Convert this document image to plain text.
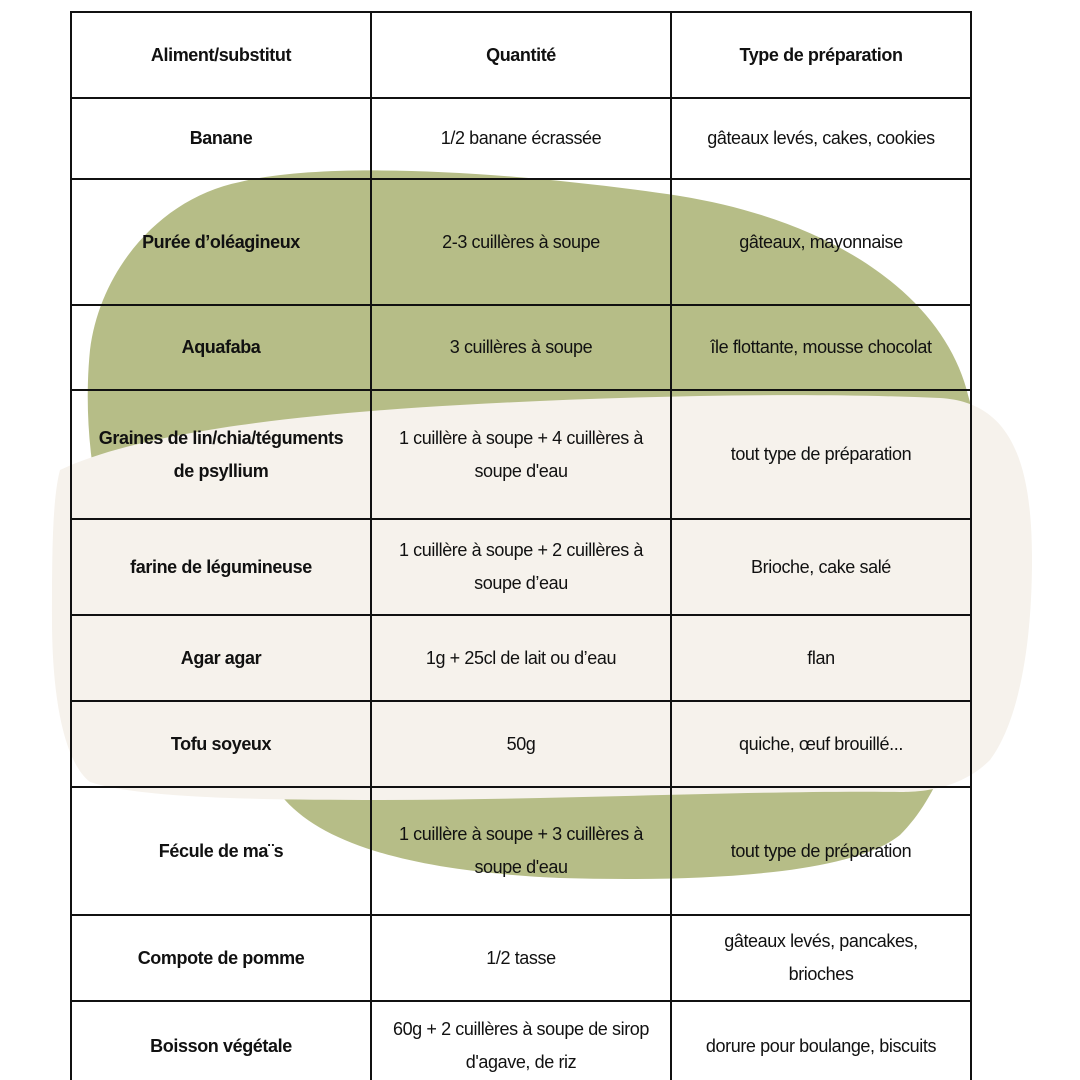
Aliment/substitut	Quantité	Type de préparation
Banane	1/2 banane écrassée	gâteaux levés, cakes, cookies
Purée d’oléagineux	2-3 cuillères à soupe	gâteaux, mayonnaise
Aquafaba	3 cuillères à soupe	île flottante, mousse chocolat
Graines de lin/chia/téguments de psyllium	1 cuillère à soupe + 4 cuillères à soupe d'eau	tout type de préparation
farine de légumineuse	1 cuillère à soupe + 2 cuillères à soupe d’eau	Brioche, cake salé
Agar agar	1g + 25cl de lait ou d’eau	flan
Tofu soyeux	50g	quiche, œuf brouillé...
Fécule de ma¨s	1 cuillère à soupe + 3 cuillères à soupe d'eau	tout type de préparation
Compote de pomme	1/2 tasse	gâteaux levés, pancakes, brioches
Boisson végétale	60g + 2 cuillères à soupe de sirop d'agave, de riz	dorure pour boulange, biscuits
